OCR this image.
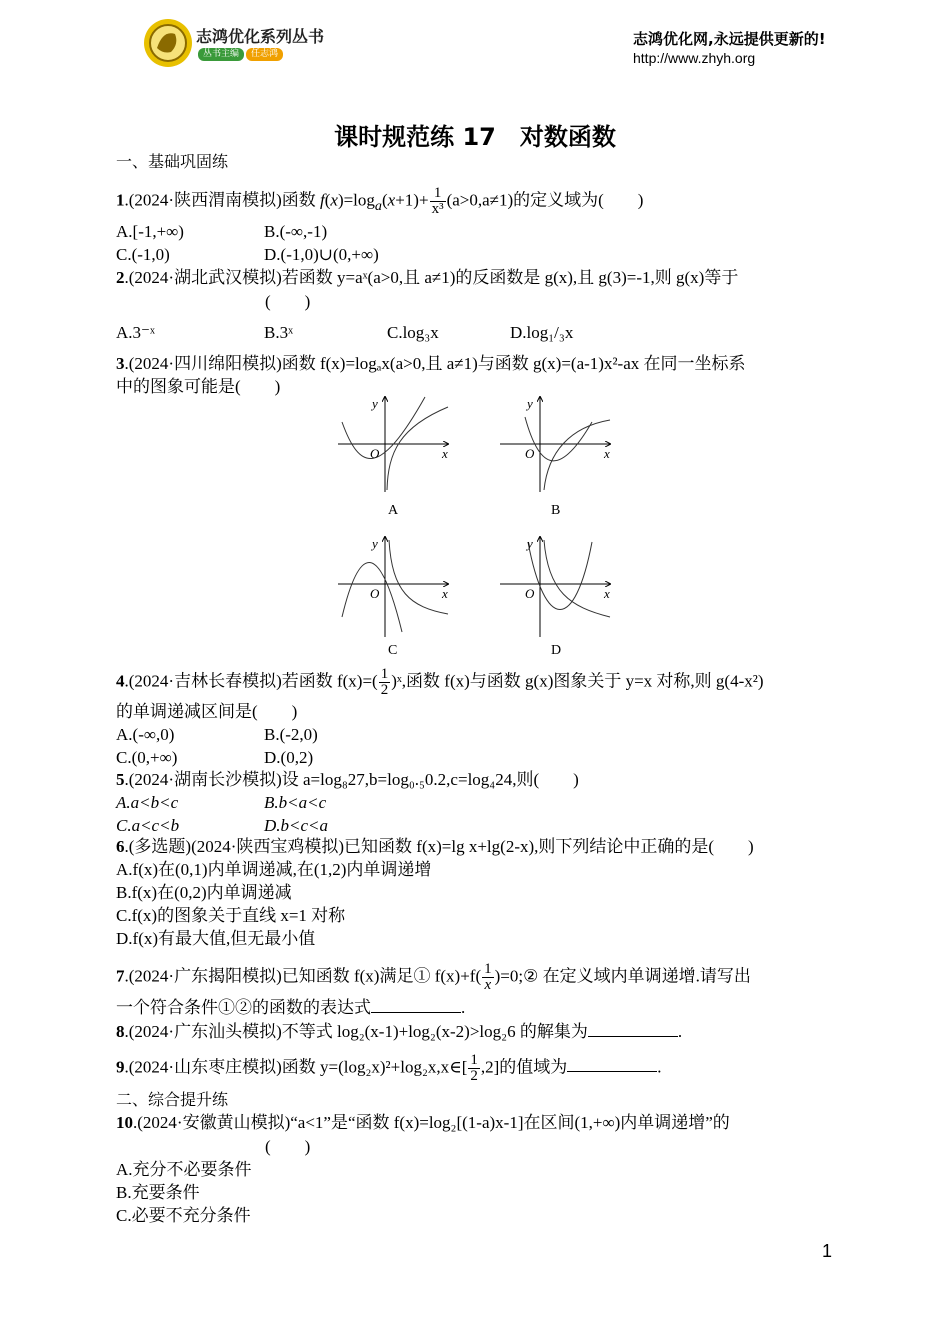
志鸿优化系列丛书
丛书主编	任志鸿
志鸿优化网,永远提供更新的!
http://www.zhyh.org
课时规范练 17　对数函数
一、基础巩固练
1.(2024·陕西渭南模拟)函数 $f(x)=\log_a(x+1)+ \frac{1}{\text{x³}} (a>0,a\ne 1)$的定义域为(　　)
A.[-1,+∞)	B.(-∞,-1)
C.(-1,0)	D.(-1,0)∪(0,+∞)
2.(2024·湖北武汉模拟)若函数 y=aˣ(a>0,且 a≠1)的反函数是 g(x),且 g(3)=-1,则 g(x)等于
(　　)
A.3⁻ˣ	B.3ˣ	C.log₃x	D.log₁/₃x
3.(2024·四川绵阳模拟)函数 f(x)=logₐx(a>0,且 a≠1)与函数 g(x)=(a-1)x²-ax 在同一坐标系
中的图象可能是(　　)
y
x
O
A
y
x
O
B
y
x
O
C
y
x
O
D
4.(2024·吉林长春模拟)若函数 $f(x)=( \frac{1}{2}$ )ˣ,函数 f(x)与函数 g(x)图象关于 y=x 对称,则 g(4-x²)
的单调递减区间是(　　)
A.(-∞,0)	B.(-2,0)
C.(0,+∞)	D.(0,2)
5.(2024·湖南长沙模拟)设 a=log₈27,b=log₀.₅0.2,c=log₄24,则(　　)
A.a<b<c	B.b<a<c
C.a<c<b	D.b<c<a
6.(多选题)(2024·陕西宝鸡模拟)已知函数 f(x)=lg x+lg(2-x),则下列结论中正确的是(　　)
A.f(x)在(0,1)内单调递减,在(1,2)内单调递增
B.f(x)在(0,2)内单调递减
C.f(x)的图象关于直线 x=1 对称
D.f(x)有最大值,但无最小值
7.(2024·广东揭阳模拟)已知函数 f(x)满足① $f(x)+f( \frac{1}{x}$ )=0;② 在定义域内单调递增.请写出
一个符合条件①②的函数的表达式	.
8.(2024·广东汕头模拟)不等式 log₂(x-1)+log₂(x-2)>log₂6 的解集为	.
9.(2024·山东枣庄模拟)函数 y=(log₂x)²+log₂x,x∈[ $\frac{1}{2} ,2$]的值域为	.
二、综合提升练
10.(2024·安徽黄山模拟)“a<1”是“函数 f(x)=log₂[(1-a)x-1]在区间(1,+∞)内单调递增”的
(　　)
A.充分不必要条件
B.充要条件
C.必要不充分条件
1
